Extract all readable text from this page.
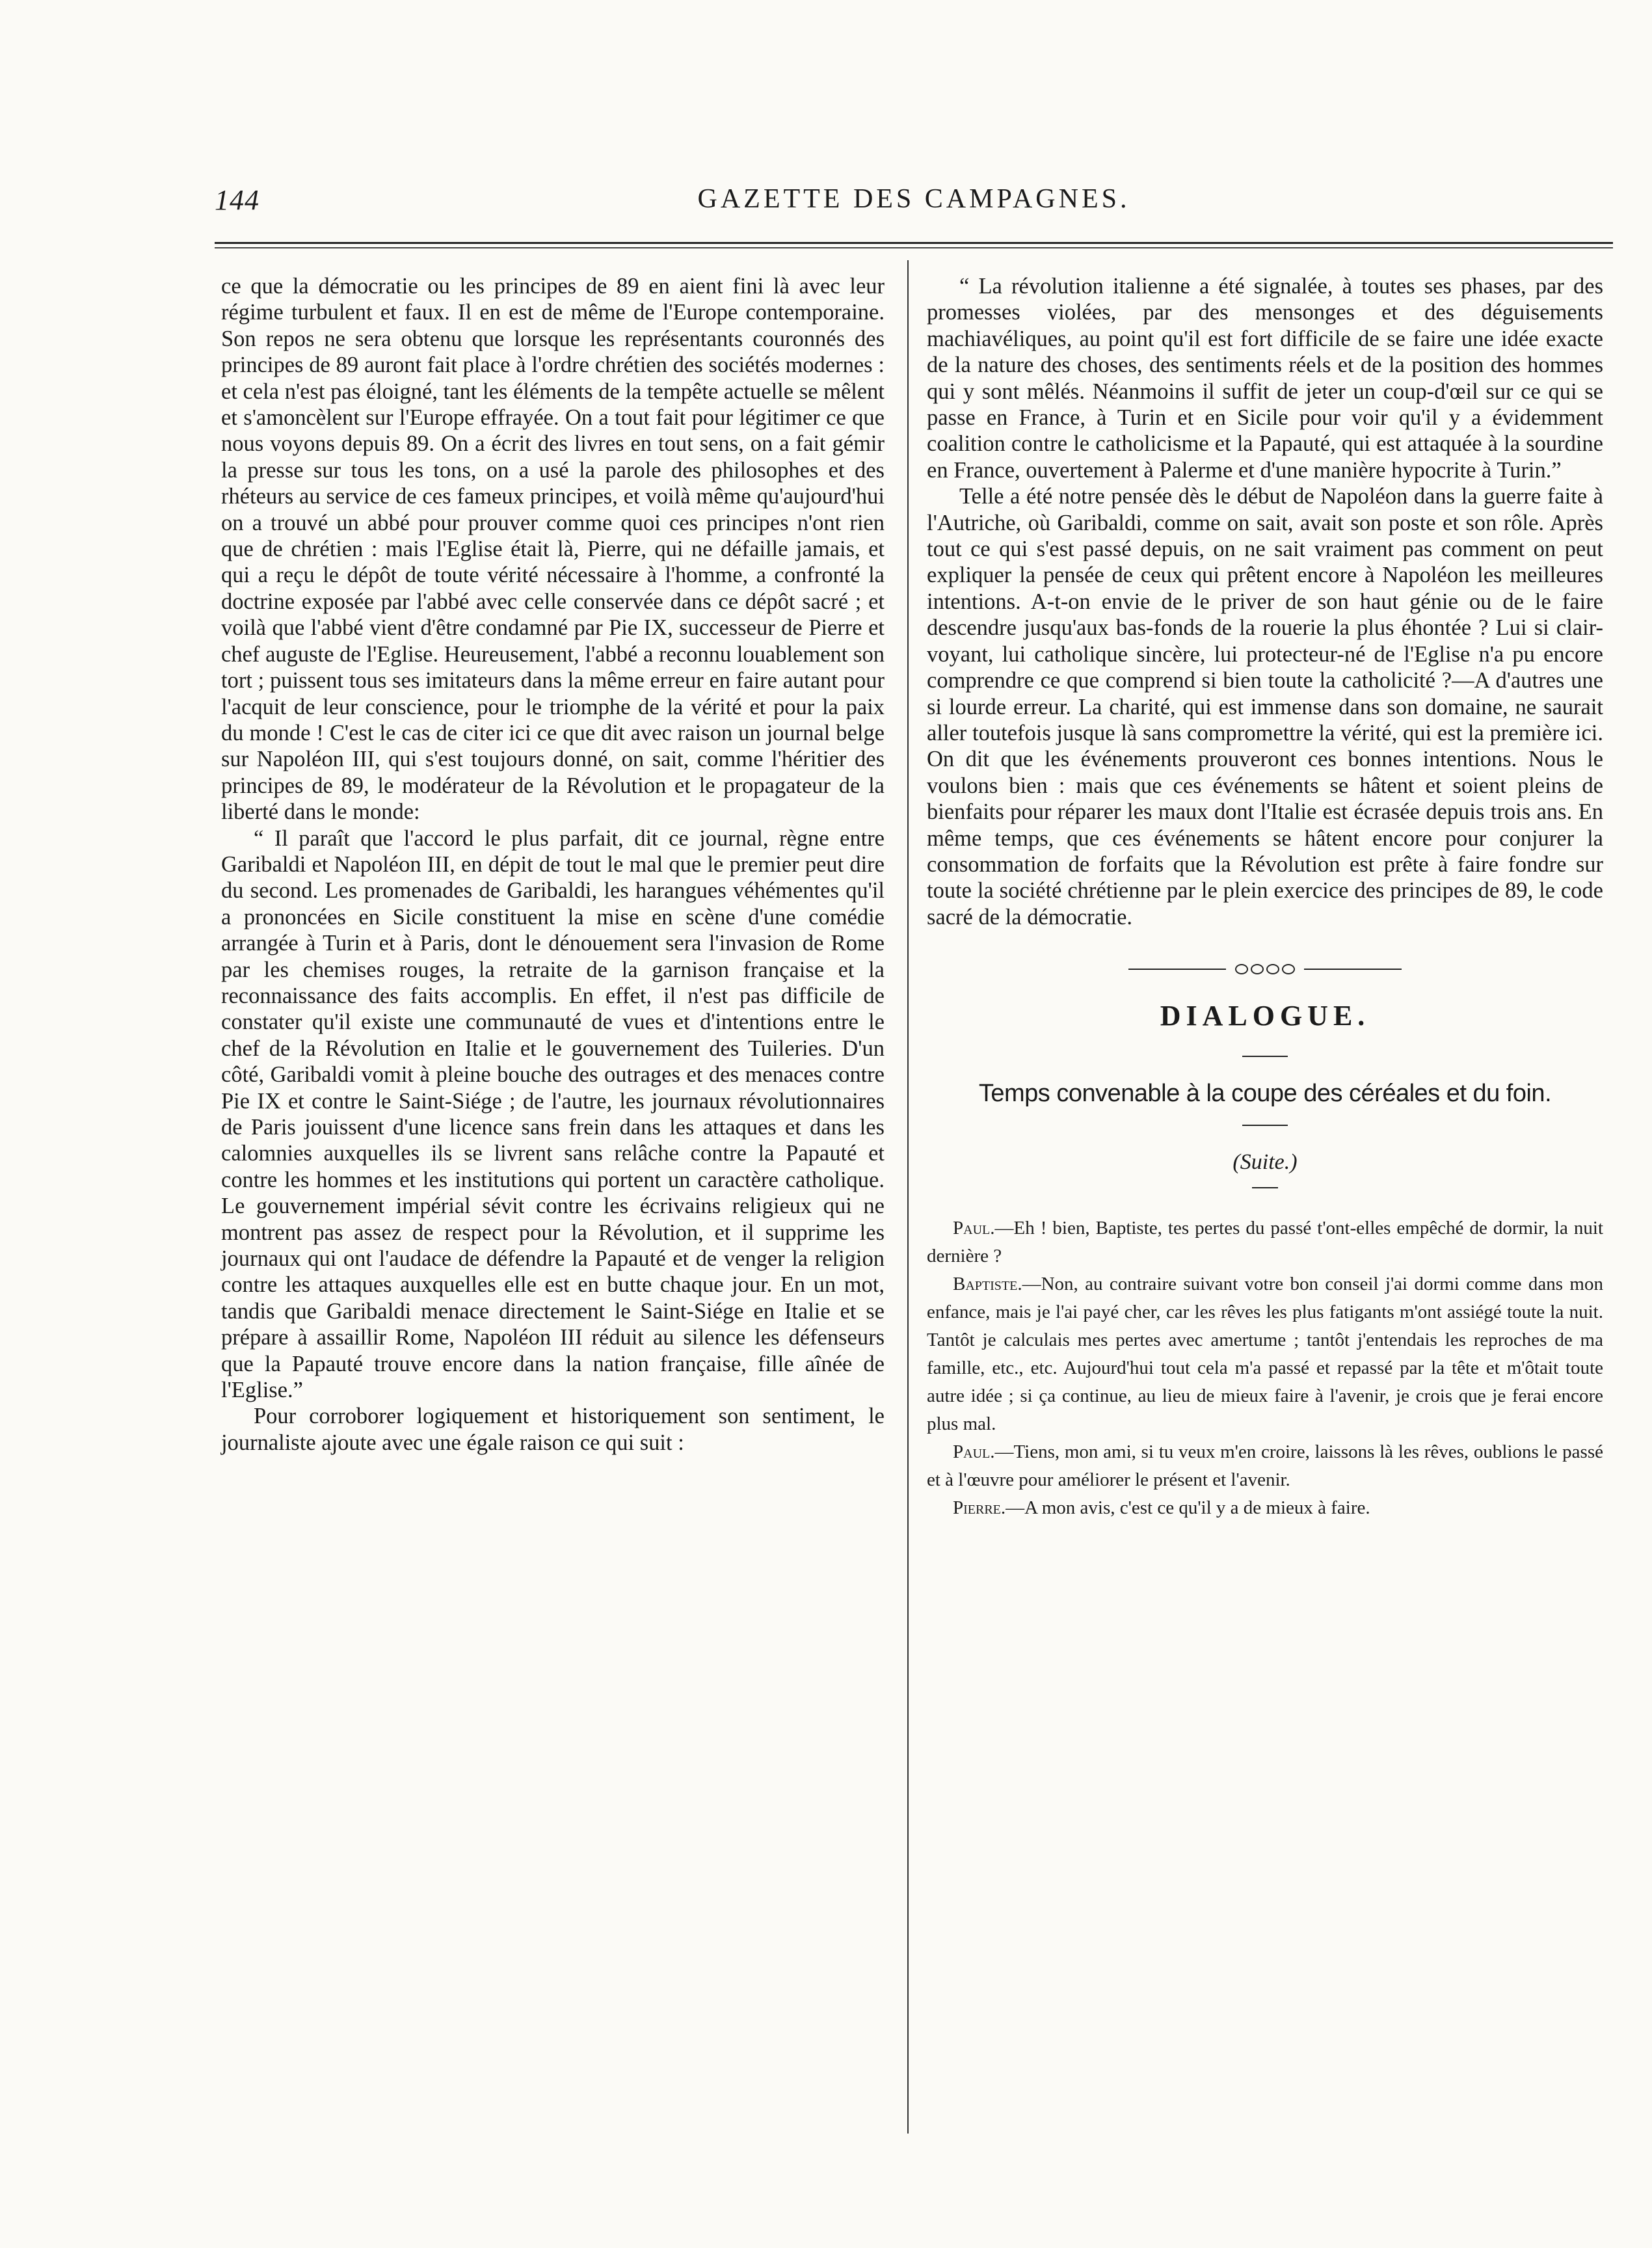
144	GAZETTE DES CAMPAGNES.

ce que la démocratie ou les principes de 89 en aient fini là avec leur régime turbulent et faux. Il en est de même de l'Europe contemporaine. Son repos ne sera obtenu que lorsque les représentants couronnés des principes de 89 auront fait place à l'ordre chrétien des sociétés modernes : et cela n'est pas éloigné, tant les éléments de la tempête actuelle se mêlent et s'amoncèlent sur l'Europe effrayée. On a tout fait pour légitimer ce que nous voyons depuis 89. On a écrit des livres en tout sens, on a fait gémir la presse sur tous les tons, on a usé la parole des philosophes et des rhéteurs au service de ces fameux principes, et voilà même qu'aujourd'hui on a trouvé un abbé pour prouver comme quoi ces principes n'ont rien que de chrétien : mais l'Eglise était là, Pierre, qui ne défaille jamais, et qui a reçu le dépôt de toute vérité nécessaire à l'homme, a confronté la doctrine exposée par l'abbé avec celle conservée dans ce dépôt sacré ; et voilà que l'abbé vient d'être condamné par Pie IX, successeur de Pierre et chef auguste de l'Eglise. Heureusement, l'abbé a reconnu louablement son tort ; puissent tous ses imitateurs dans la même erreur en faire autant pour l'acquit de leur conscience, pour le triomphe de la vérité et pour la paix du monde ! C'est le cas de citer ici ce que dit avec raison un journal belge sur Napoléon III, qui s'est toujours donné, on sait, comme l'héritier des principes de 89, le modérateur de la Révolution et le propagateur de la liberté dans le monde:

“ Il paraît que l'accord le plus parfait, dit ce journal, règne entre Garibaldi et Napoléon III, en dépit de tout le mal que le premier peut dire du second. Les promenades de Garibaldi, les harangues véhémentes qu'il a prononcées en Sicile constituent la mise en scène d'une comédie arrangée à Turin et à Paris, dont le dénouement sera l'invasion de Rome par les chemises rouges, la retraite de la garnison française et la reconnaissance des faits accomplis. En effet, il n'est pas difficile de constater qu'il existe une communauté de vues et d'intentions entre le chef de la Révolution en Italie et le gouvernement des Tuileries. D'un côté, Garibaldi vomit à pleine bouche des outrages et des menaces contre Pie IX et contre le Saint-Siége ; de l'autre, les journaux révolutionnaires de Paris jouissent d'une licence sans frein dans les attaques et dans les calomnies auxquelles ils se livrent sans relâche contre la Papauté et contre les hommes et les institutions qui portent un caractère catholique. Le gouvernement impérial sévit contre les écrivains religieux qui ne montrent pas assez de respect pour la Révolution, et il supprime les journaux qui ont l'audace de défendre la Papauté et de venger la religion contre les attaques auxquelles elle est en butte chaque jour. En un mot, tandis que Garibaldi menace directement le Saint-Siége en Italie et se prépare à assaillir Rome, Napoléon III réduit au silence les défenseurs que la Papauté trouve encore dans la nation française, fille aînée de l'Eglise.”

Pour corroborer logiquement et historiquement son sentiment, le journaliste ajoute avec une égale raison ce qui suit :

“ La révolution italienne a été signalée, à toutes ses phases, par des promesses violées, par des mensonges et des déguisements machiavéliques, au point qu'il est fort difficile de se faire une idée exacte de la nature des choses, des sentiments réels et de la position des hommes qui y sont mêlés. Néanmoins il suffit de jeter un coup-d'œil sur ce qui se passe en France, à Turin et en Sicile pour voir qu'il y a évidemment coalition contre le catholicisme et la Papauté, qui est attaquée à la sourdine en France, ouvertement à Palerme et d'une manière hypocrite à Turin.”

Telle a été notre pensée dès le début de Napoléon dans la guerre faite à l'Autriche, où Garibaldi, comme on sait, avait son poste et son rôle. Après tout ce qui s'est passé depuis, on ne sait vraiment pas comment on peut expliquer la pensée de ceux qui prêtent encore à Napoléon les meilleures intentions. A-t-on envie de le priver de son haut génie ou de le faire descendre jusqu'aux bas-fonds de la rouerie la plus éhontée ? Lui si clair-voyant, lui catholique sincère, lui protecteur-né de l'Eglise n'a pu encore comprendre ce que comprend si bien toute la catholicité ?—A d'autres une si lourde erreur. La charité, qui est immense dans son domaine, ne saurait aller toutefois jusque là sans compromettre la vérité, qui est la première ici. On dit que les événements prouveront ces bonnes intentions. Nous le voulons bien : mais que ces événements se hâtent et soient pleins de bienfaits pour réparer les maux dont l'Italie est écrasée depuis trois ans. En même temps, que ces événements se hâtent encore pour conjurer la consommation de forfaits que la Révolution est prête à faire fondre sur toute la société chrétienne par le plein exercice des principes de 89, le code sacré de la démocratie.

DIALOGUE.
Temps convenable à la coupe des céréales et du foin.
(Suite.)

Paul.—Eh ! bien, Baptiste, tes pertes du passé t'ont-elles empêché de dormir, la nuit dernière ?

Baptiste.—Non, au contraire suivant votre bon conseil j'ai dormi comme dans mon enfance, mais je l'ai payé cher, car les rêves les plus fatigants m'ont assiégé toute la nuit. Tantôt je calculais mes pertes avec amertume ; tantôt j'entendais les reproches de ma famille, etc., etc. Aujourd'hui tout cela m'a passé et repassé par la tête et m'ôtait toute autre idée ; si ça continue, au lieu de mieux faire à l'avenir, je crois que je ferai encore plus mal.

Paul.—Tiens, mon ami, si tu veux m'en croire, laissons là les rêves, oublions le passé et à l'œuvre pour améliorer le présent et l'avenir.

Pierre.—A mon avis, c'est ce qu'il y a de mieux à faire.
